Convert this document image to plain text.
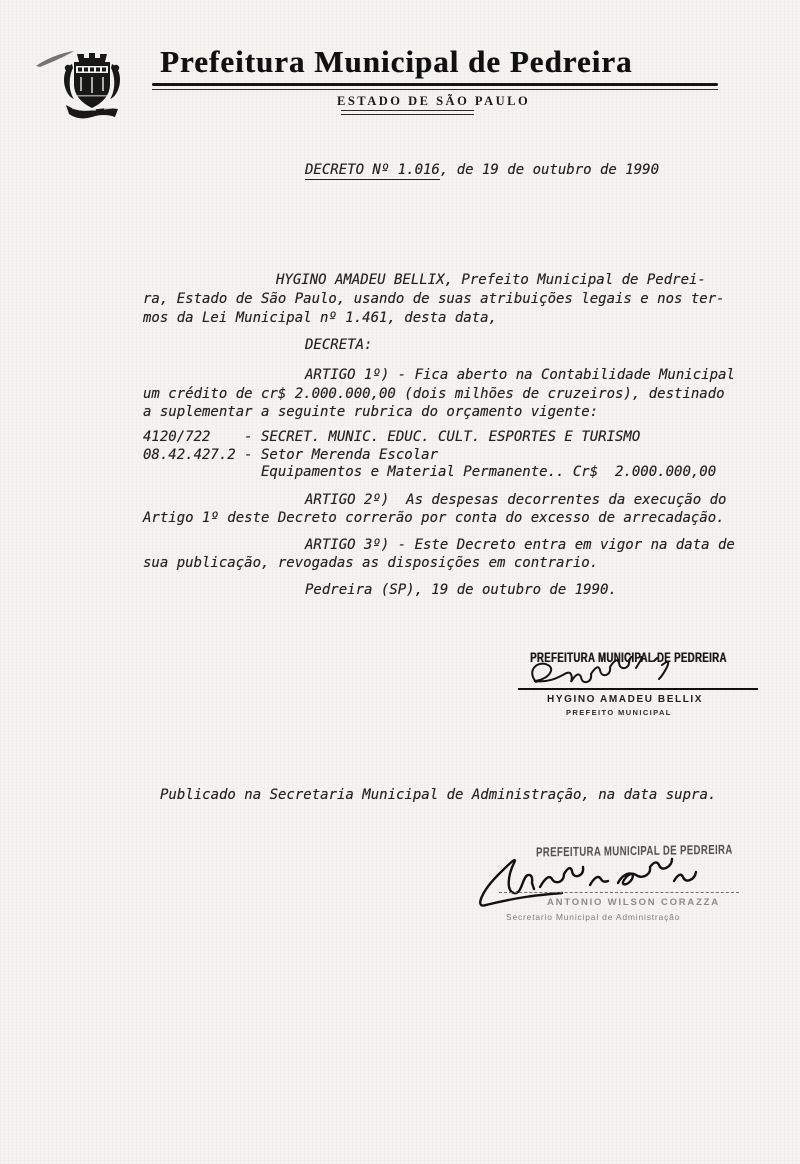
Prefeitura Municipal de Pedreira
ESTADO DE SÃO PAULO
DECRETO Nº 1.016, de 19 de outubro de 1990
HYGINO AMADEU BELLIX, Prefeito Municipal de Pedrei-
ra, Estado de São Paulo, usando de suas atribuições legais e nos ter-
mos da Lei Municipal nº 1.461, desta data,
DECRETA:
ARTIGO 1º) - Fica aberto na Contabilidade Municipal
um crédito de cr$ 2.000.000,00 (dois milhões de cruzeiros), destinado
a suplementar a seguinte rubrica do orçamento vigente:
4120/722    - SECRET. MUNIC. EDUC. CULT. ESPORTES E TURISMO
08.42.427.2 - Setor Merenda Escolar
Equipamentos e Material Permanente.. Cr$  2.000.000,00
ARTIGO 2º)  As despesas decorrentes da execução do
Artigo 1º deste Decreto correrão por conta do excesso de arrecadação.
ARTIGO 3º) - Este Decreto entra em vigor na data de
sua publicação, revogadas as disposições em contrario.
Pedreira (SP), 19 de outubro de 1990.
PREFEITURA MUNICIPAL DE PEDREIRA
HYGINO AMADEU BELLIX
PREFEITO MUNICIPAL
Publicado na Secretaria Municipal de Administração, na data supra.
PREFEITURA MUNICIPAL DE PEDREIRA
ANTONIO WILSON CORAZZA
Secretario Municipal de Administração
